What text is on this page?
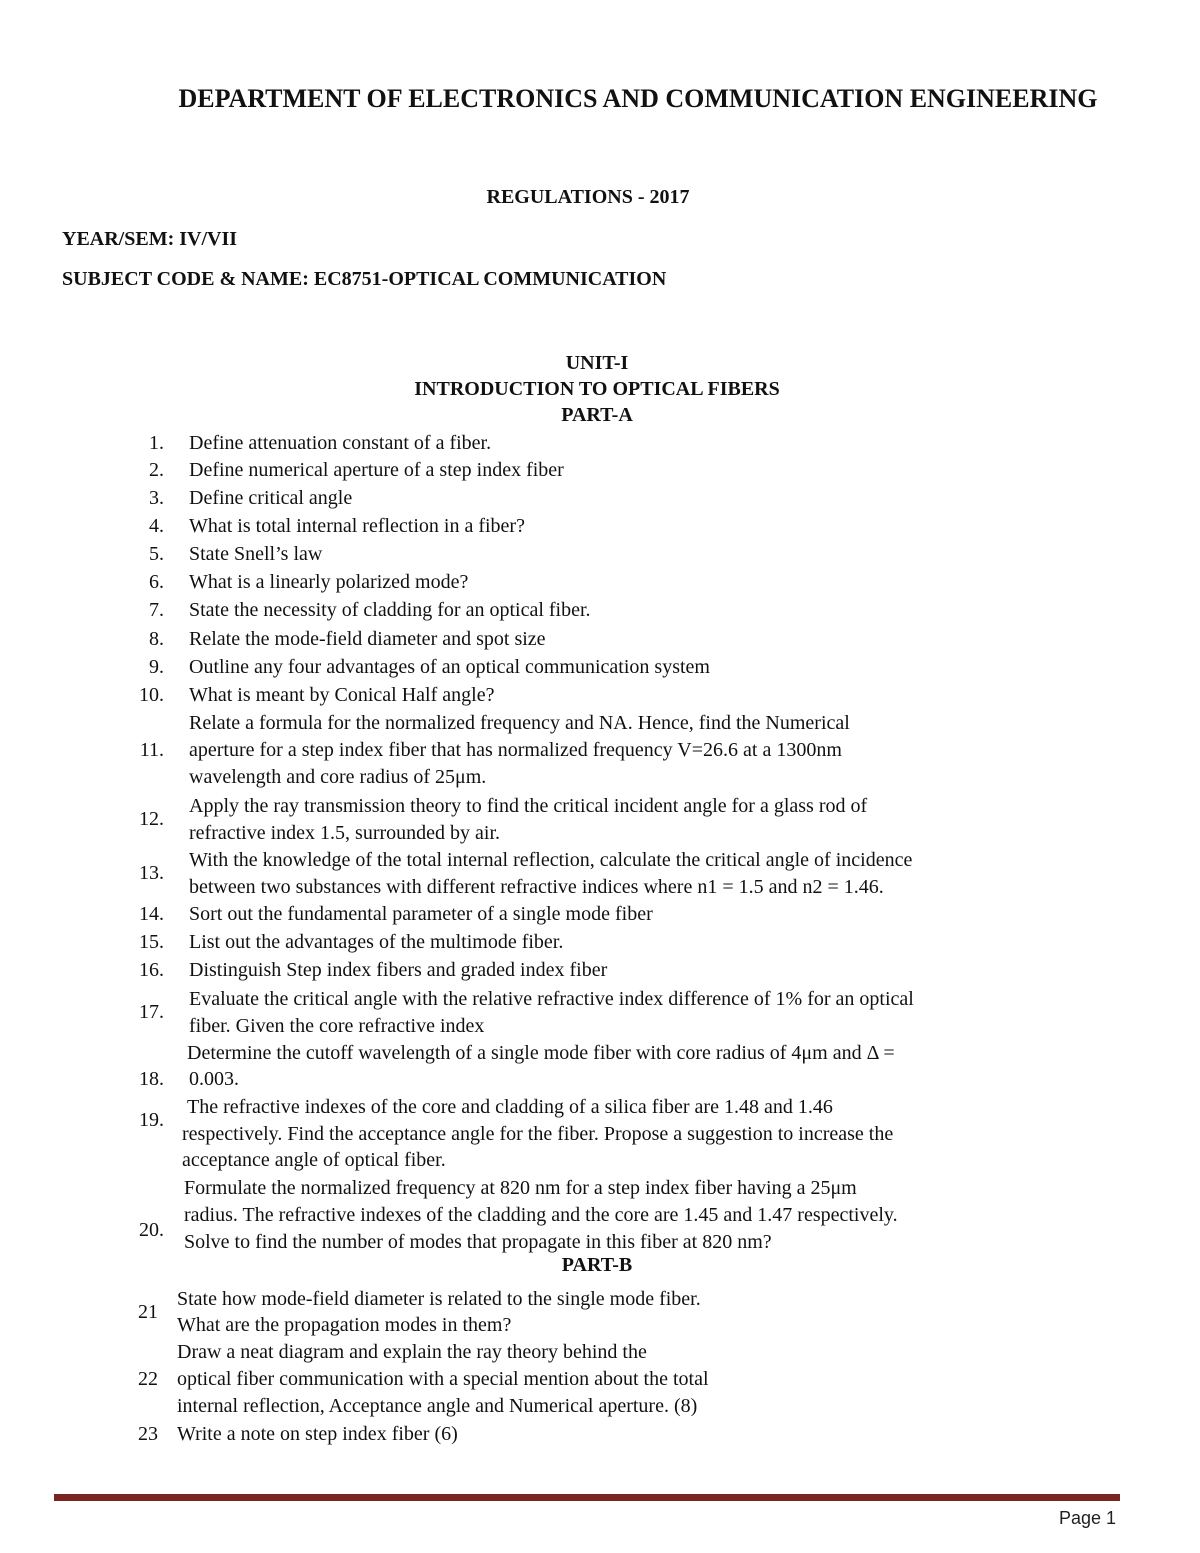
DEPARTMENT OF ELECTRONICS AND COMMUNICATION ENGINEERING
REGULATIONS - 2017
YEAR/SEM: IV/VII
SUBJECT CODE & NAME: EC8751-OPTICAL COMMUNICATION
UNIT-I
INTRODUCTION TO OPTICAL FIBERS
PART-A
1. Define attenuation constant of a fiber.
2. Define numerical aperture of a step index fiber
3. Define critical angle
4. What is total internal reflection in a fiber?
5. State Snell’s law
6. What is a linearly polarized mode?
7. State the necessity of cladding for an optical fiber.
8. Relate the mode-field diameter and spot size
9. Outline any four advantages of an optical communication system
10. What is meant by Conical Half angle?
11.
Relate a formula for the normalized frequency and NA. Hence, find the Numerical
aperture for a step index fiber that has normalized frequency V=26.6 at a 1300nm
wavelength and core radius of 25μm.
12.
Apply the ray transmission theory to find the critical incident angle for a glass rod of
refractive index 1.5, surrounded by air.
13.
With the knowledge of the total internal reflection, calculate the critical angle of incidence
between two substances with different refractive indices where n1 = 1.5 and n2 = 1.46.
14. Sort out the fundamental parameter of a single mode fiber
15. List out the advantages of the multimode fiber.
16. Distinguish Step index fibers and graded index fiber
17.
Evaluate the critical angle with the relative refractive index difference of 1% for an optical
fiber. Given the core refractive index
18.
Determine the cutoff wavelength of a single mode fiber with core radius of 4μm and Δ =
0.003.
19.
The refractive indexes of the core and cladding of a silica fiber are 1.48 and 1.46
respectively. Find the acceptance angle for the fiber. Propose a suggestion to increase the
acceptance angle of optical fiber.
20.
Formulate the normalized frequency at 820 nm for a step index fiber having a 25μm
radius. The refractive indexes of the cladding and the core are 1.45 and 1.47 respectively.
Solve to find the number of modes that propagate in this fiber at 820 nm?
PART-B
21
State how mode-field diameter is related to the single mode fiber.
What are the propagation modes in them?
22
Draw a neat diagram and explain the ray theory behind the
optical fiber communication with a special mention about the total
internal reflection, Acceptance angle and Numerical aperture. (8)
23 Write a note on step index fiber (6)
Page 1
